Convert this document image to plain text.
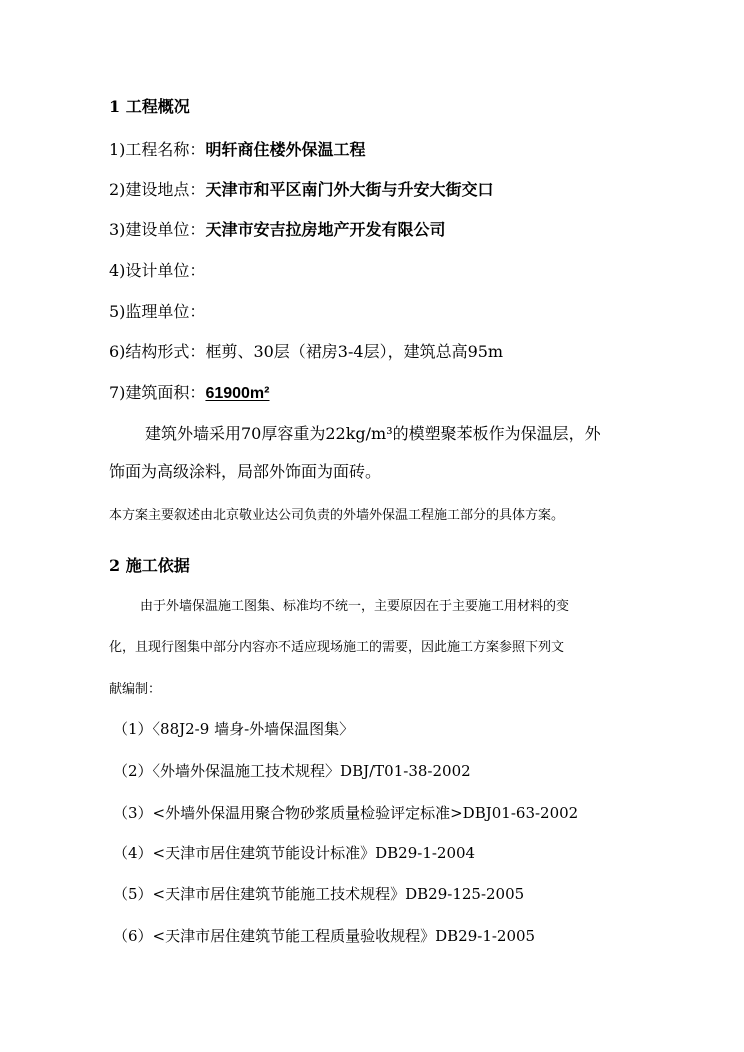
1 工程概况
1)工程名称：明轩商住楼外保温工程
2)建设地点：天津市和平区南门外大街与升安大街交口
3)建设单位：天津市安吉拉房地产开发有限公司
4)设计单位：
5)监理单位：
6)结构形式：框剪、30层（裙房3-4层），建筑总高95m
7)建筑面积：61900m²
建筑外墙采用70厚容重为22kg/m³的模塑聚苯板作为保温层，外
饰面为高级涂料，局部外饰面为面砖。
本方案主要叙述由北京敬业达公司负责的外墙外保温工程施工部分的具体方案。
2 施工依据
由于外墙保温施工图集、标准均不统一，主要原因在于主要施工用材料的变
化，且现行图集中部分内容亦不适应现场施工的需要，因此施工方案参照下列文
献编制：
（1）〈88J2-9 墙身-外墙保温图集〉
（2）〈外墙外保温施工技术规程〉DBJ/T01-38-2002
（3）<外墙外保温用聚合物砂浆质量检验评定标准>DBJ01-63-2002
（4）<天津市居住建筑节能设计标准》DB29-1-2004
（5）<天津市居住建筑节能施工技术规程》DB29-125-2005
（6）<天津市居住建筑节能工程质量验收规程》DB29-1-2005
